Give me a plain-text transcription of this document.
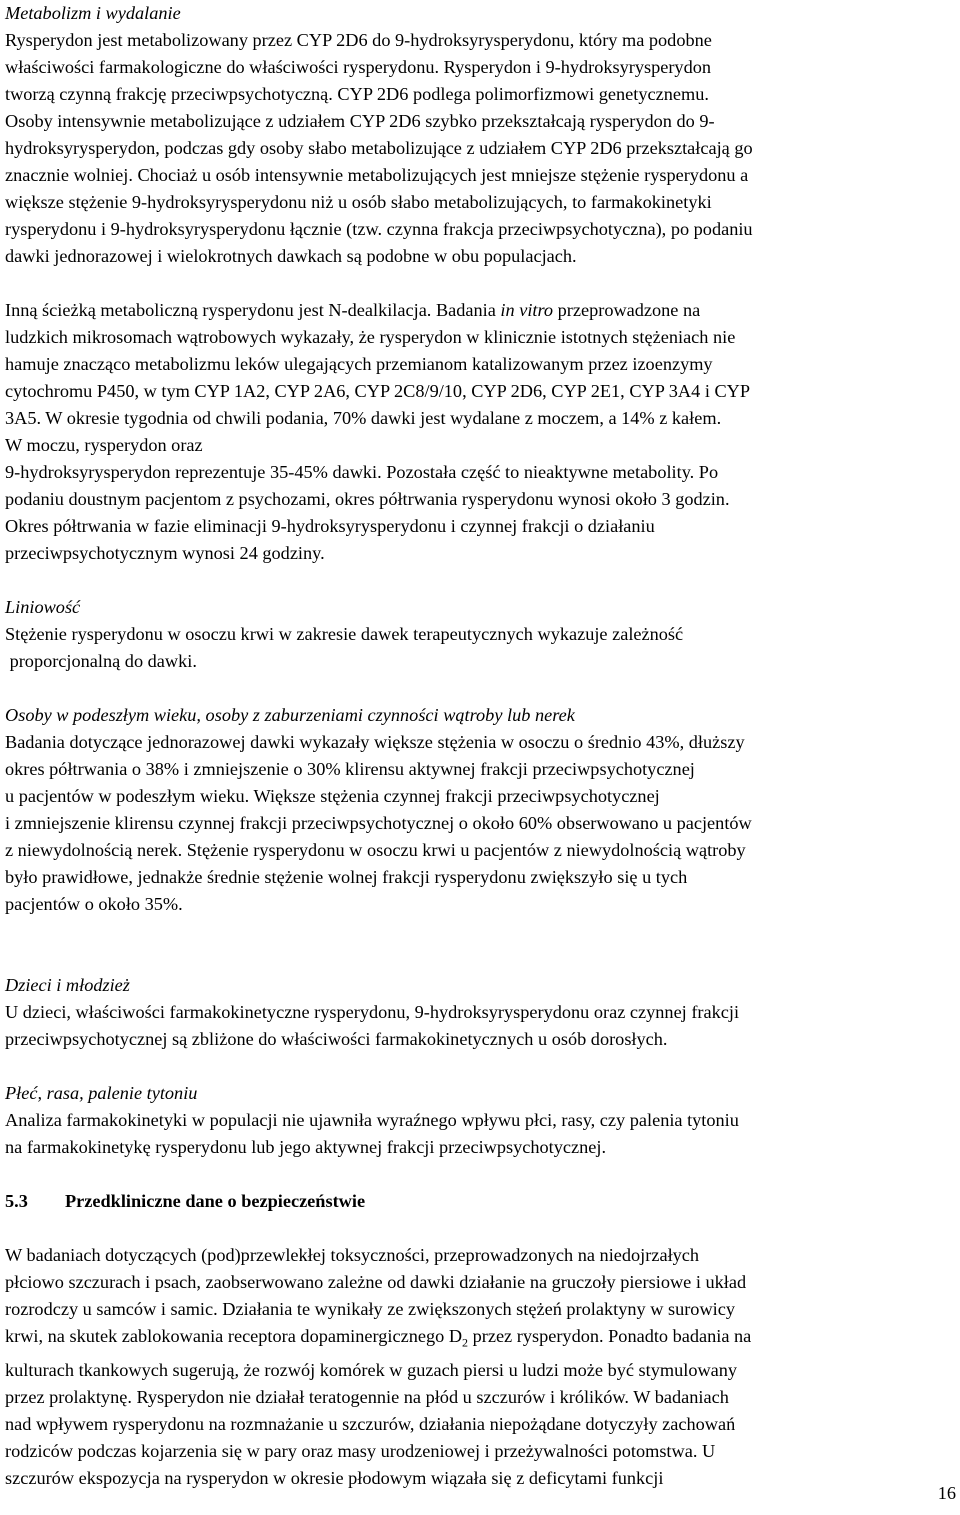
Metabolizm i wydalanie

Rysperydon jest metabolizowany przez CYP 2D6 do 9-hydroksyrysperydonu, który ma podobne

właściwości farmakologiczne do właściwości rysperydonu. Rysperydon i 9-hydroksyrysperydon

tworzą czynną frakcję przeciwpsychotyczną. CYP 2D6 podlega polimorfizmowi genetycznemu.

Osoby intensywnie metabolizujące z udziałem CYP 2D6 szybko przekształcają rysperydon do 9-

hydroksyrysperydon, podczas gdy osoby słabo metabolizujące z udziałem CYP 2D6 przekształcają go

znacznie wolniej. Chociaż u osób intensywnie metabolizujących jest mniejsze stężenie rysperydonu a

większe stężenie 9-hydroksyrysperydonu niż u osób słabo metabolizujących, to farmakokinetyki

rysperydonu i 9-hydroksyrysperydonu łącznie (tzw. czynna frakcja przeciwpsychotyczna), po podaniu

dawki jednorazowej i wielokrotnych dawkach są podobne w obu populacjach.

Inną ścieżką metaboliczną rysperydonu jest N-dealkilacja. Badania in vitro przeprowadzone na

ludzkich mikrosomach wątrobowych wykazały, że rysperydon w klinicznie istotnych stężeniach nie

hamuje znacząco metabolizmu leków ulegających przemianom katalizowanym przez izoenzymy

cytochromu P450, w tym CYP 1A2, CYP 2A6, CYP 2C8/9/10, CYP 2D6, CYP 2E1, CYP 3A4 i CYP

3A5. W okresie tygodnia od chwili podania, 70% dawki jest wydalane z moczem, a 14% z kałem.

W moczu, rysperydon oraz

9-hydroksyrysperydon reprezentuje 35-45% dawki. Pozostała część to nieaktywne metabolity. Po

podaniu doustnym pacjentom z psychozami, okres półtrwania rysperydonu wynosi około 3 godzin.

Okres półtrwania w fazie eliminacji 9-hydroksyrysperydonu i czynnej frakcji o działaniu

przeciwpsychotycznym wynosi 24 godziny.

Liniowość

Stężenie rysperydonu w osoczu krwi w zakresie dawek terapeutycznych wykazuje zależność

proporcjonalną do dawki.

Osoby w podeszłym wieku, osoby z zaburzeniami czynności wątroby lub nerek

Badania dotyczące jednorazowej dawki wykazały większe stężenia w osoczu o średnio 43%, dłuższy

okres półtrwania o 38% i zmniejszenie o 30% klirensu aktywnej frakcji przeciwpsychotycznej

u pacjentów w podeszłym wieku. Większe stężenia czynnej frakcji przeciwpsychotycznej

i zmniejszenie klirensu czynnej frakcji przeciwpsychotycznej o około 60% obserwowano u pacjentów

z niewydolnością nerek. Stężenie rysperydonu w osoczu krwi u pacjentów z niewydolnością wątroby

było prawidłowe, jednakże średnie stężenie wolnej frakcji rysperydonu zwiększyło się u tych

pacjentów o około 35%.

Dzieci i młodzież

U dzieci, właściwości farmakokinetyczne rysperydonu, 9-hydroksyrysperydonu oraz czynnej frakcji

przeciwpsychotycznej są zbliżone do właściwości farmakokinetycznych u osób dorosłych.

Płeć, rasa, palenie tytoniu

Analiza farmakokinetyki w populacji nie ujawniła wyraźnego wpływu płci, rasy, czy palenia tytoniu

na farmakokinetykę rysperydonu lub jego aktywnej frakcji przeciwpsychotycznej.

5.3 Przedkliniczne dane o bezpieczeństwie

W badaniach dotyczących (pod)przewlekłej toksyczności, przeprowadzonych na niedojrzałych

płciowo szczurach i psach, zaobserwowano zależne od dawki działanie na gruczoły piersiowe i układ

rozrodczy u samców i samic. Działania te wynikały ze zwiększonych stężeń prolaktyny w surowicy

krwi, na skutek zablokowania receptora dopaminergicznego $D_2$ przez rysperydon. Ponadto badania na

kulturach tkankowych sugerują, że rozwój komórek w guzach piersi u ludzi może być stymulowany

przez prolaktynę. Rysperydon nie działał teratogennie na płód u szczurów i królików. W badaniach

nad wpływem rysperydonu na rozmnażanie u szczurów, działania niepożądane dotyczyły zachowań

rodziców podczas kojarzenia się w pary oraz masy urodzeniowej i przeżywalności potomstwa. U

szczurów ekspozycja na rysperydon w okresie płodowym wiązała się z deficytami funkcji

16
